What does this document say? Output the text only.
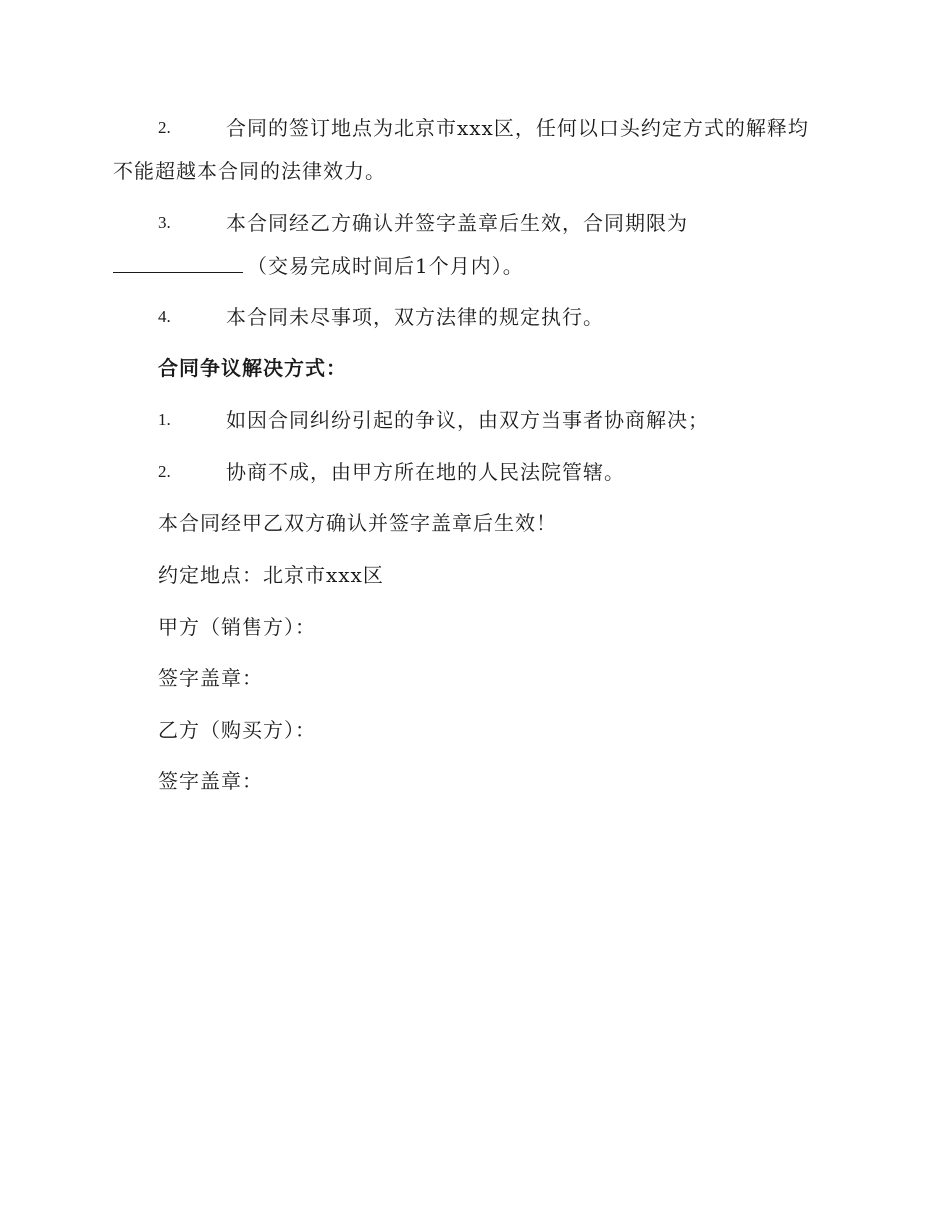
2.	合同的签订地点为北京市xxx区，任何以口头约定方式的解释均
不能超越本合同的法律效力。
3.	本合同经乙方确认并签字盖章后生效，合同期限为
（交易完成时间后1个月内）。
4.	本合同未尽事项，双方法律的规定执行。
合同争议解决方式：
1.	如因合同纠纷引起的争议，由双方当事者协商解决；
2.	协商不成，由甲方所在地的人民法院管辖。
本合同经甲乙双方确认并签字盖章后生效！
约定地点：北京市xxx区
甲方（销售方）：
签字盖章：
乙方（购买方）：
签字盖章：
